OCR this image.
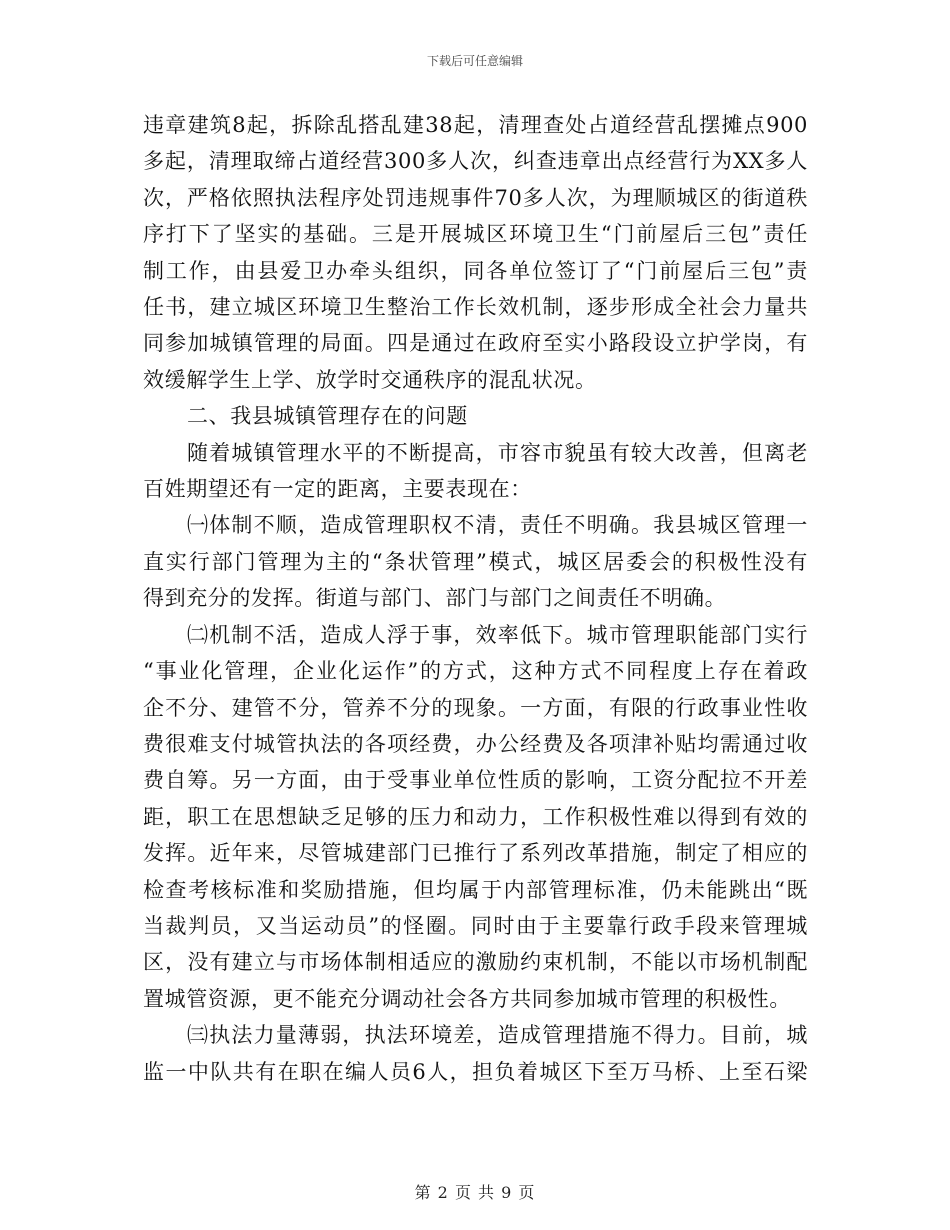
下载后可任意编辑

违章建筑8起，拆除乱搭乱建38起，清理查处占道经营乱摆摊点900
多起，清理取缔占道经营300多人次，纠查违章出点经营行为XX多人
次，严格依照执法程序处罚违规事件70多人次，为理顺城区的街道秩
序打下了坚实的基础。三是开展城区环境卫生“门前屋后三包”责任
制工作，由县爱卫办牵头组织，同各单位签订了“门前屋后三包”责
任书，建立城区环境卫生整治工作长效机制，逐步形成全社会力量共
同参加城镇管理的局面。四是通过在政府至实小路段设立护学岗，有
效缓解学生上学、放学时交通秩序的混乱状况。

二、我县城镇管理存在的问题

随着城镇管理水平的不断提高，市容市貌虽有较大改善，但离老
百姓期望还有一定的距离，主要表现在：

㈠体制不顺，造成管理职权不清，责任不明确。我县城区管理一
直实行部门管理为主的“条状管理”模式，城区居委会的积极性没有
得到充分的发挥。街道与部门、部门与部门之间责任不明确。

㈡机制不活，造成人浮于事，效率低下。城市管理职能部门实行
“事业化管理，企业化运作”的方式，这种方式不同程度上存在着政
企不分、建管不分，管养不分的现象。一方面，有限的行政事业性收
费很难支付城管执法的各项经费，办公经费及各项津补贴均需通过收
费自筹。另一方面，由于受事业单位性质的影响，工资分配拉不开差
距，职工在思想缺乏足够的压力和动力，工作积极性难以得到有效的
发挥。近年来，尽管城建部门已推行了系列改革措施，制定了相应的
检查考核标准和奖励措施，但均属于内部管理标准，仍未能跳出“既
当裁判员，又当运动员”的怪圈。同时由于主要靠行政手段来管理城
区，没有建立与市场体制相适应的激励约束机制，不能以市场机制配
置城管资源，更不能充分调动社会各方共同参加城市管理的积极性。

㈢执法力量薄弱，执法环境差，造成管理措施不得力。目前，城
监一中队共有在职在编人员6人，担负着城区下至万马桥、上至石梁

第 2 页 共 9 页
